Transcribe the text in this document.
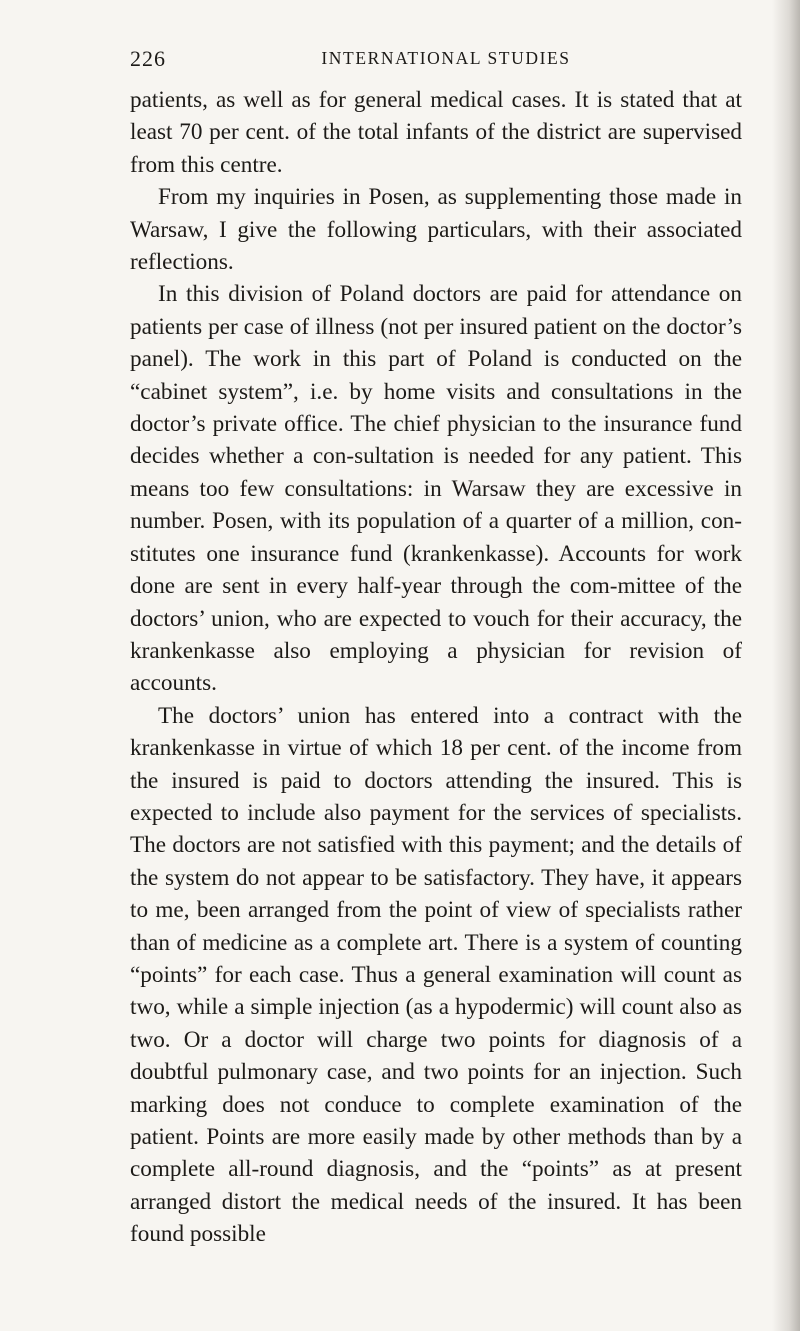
226	INTERNATIONAL STUDIES

patients, as well as for general medical cases. It is stated that at least 70 per cent. of the total infants of the district are supervised from this centre.

From my inquiries in Posen, as supplementing those made in Warsaw, I give the following particulars, with their associated reflections.

In this division of Poland doctors are paid for attendance on patients per case of illness (not per insured patient on the doctor’s panel). The work in this part of Poland is conducted on the “cabinet system”, i.e. by home visits and consultations in the doctor’s private office. The chief physician to the insurance fund decides whether a con-sultation is needed for any patient. This means too few consultations: in Warsaw they are excessive in number. Posen, with its population of a quarter of a million, con-stitutes one insurance fund (krankenkasse). Accounts for work done are sent in every half-year through the com-mittee of the doctors’ union, who are expected to vouch for their accuracy, the krankenkasse also employing a physician for revision of accounts.

The doctors’ union has entered into a contract with the krankenkasse in virtue of which 18 per cent. of the income from the insured is paid to doctors attending the insured. This is expected to include also payment for the services of specialists. The doctors are not satisfied with this payment; and the details of the system do not appear to be satisfactory. They have, it appears to me, been arranged from the point of view of specialists rather than of medicine as a complete art. There is a system of counting “points” for each case. Thus a general examination will count as two, while a simple injection (as a hypodermic) will count also as two. Or a doctor will charge two points for diagnosis of a doubtful pulmonary case, and two points for an injection. Such marking does not conduce to complete examination of the patient. Points are more easily made by other methods than by a complete all-round diagnosis, and the “points” as at present arranged distort the medical needs of the insured. It has been found possible
